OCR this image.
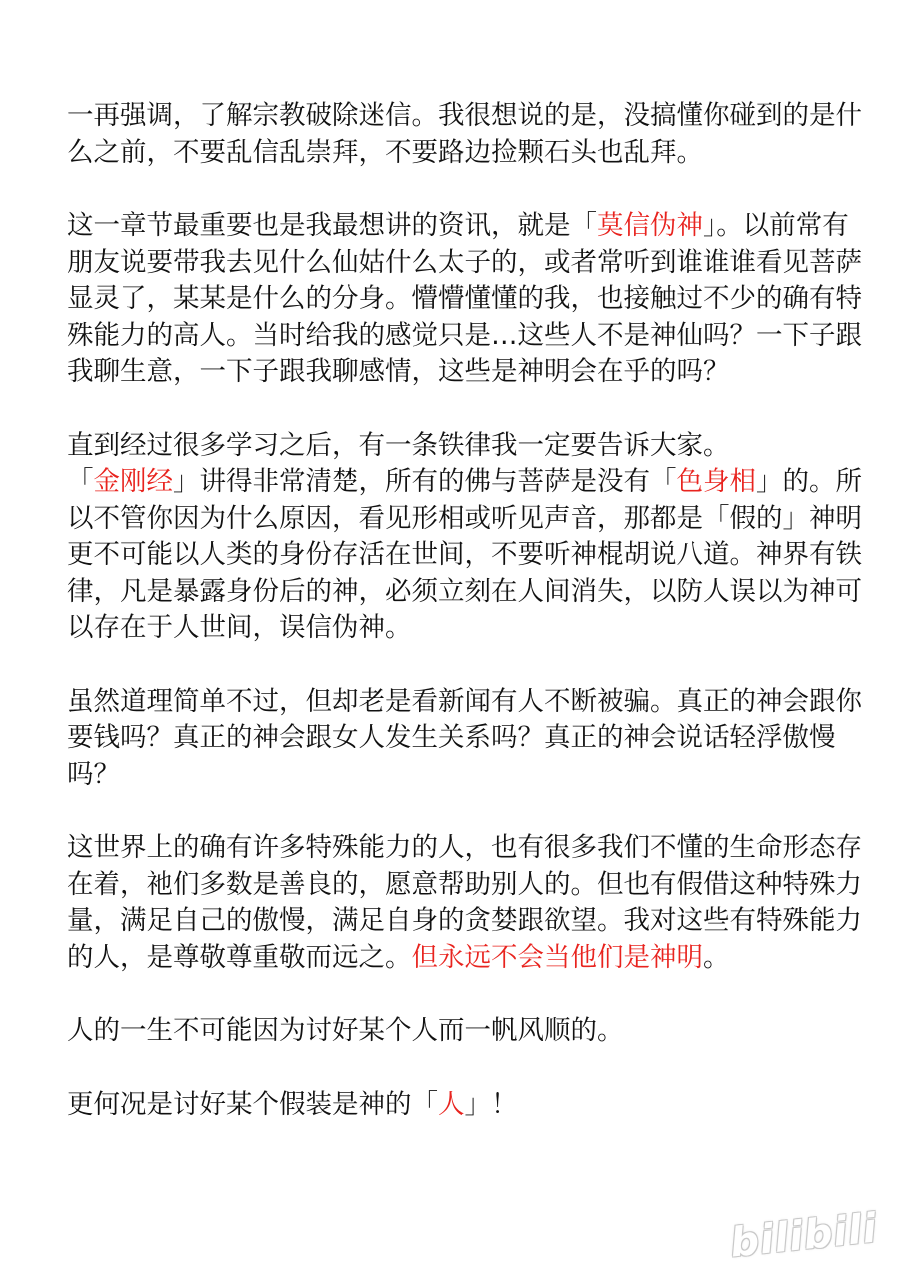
一再强调，了解宗教破除迷信。我很想说的是，没搞懂你碰到的是什么之前，不要乱信乱崇拜，不要路边捡颗石头也乱拜。

这一章节最重要也是我最想讲的资讯，就是「莫信伪神」。以前常有朋友说要带我去见什么仙姑什么太子的，或者常听到谁谁谁看见菩萨显灵了，某某是什么的分身。懵懵懂懂的我，也接触过不少的确有特殊能力的高人。当时给我的感觉只是…这些人不是神仙吗？一下子跟我聊生意，一下子跟我聊感情，这些是神明会在乎的吗？

直到经过很多学习之后，有一条铁律我一定要告诉大家。
「金刚经」讲得非常清楚，所有的佛与菩萨是没有「色身相」的。所以不管你因为什么原因，看见形相或听见声音，那都是「假的」神明更不可能以人类的身份存活在世间，不要听神棍胡说八道。神界有铁律，凡是暴露身份后的神，必须立刻在人间消失，以防人误以为神可以存在于人世间，误信伪神。

虽然道理简单不过，但却老是看新闻有人不断被骗。真正的神会跟你要钱吗？真正的神会跟女人发生关系吗？真正的神会说话轻浮傲慢吗？

这世界上的确有许多特殊能力的人，也有很多我们不懂的生命形态存在着，祂们多数是善良的，愿意帮助别人的。但也有假借这种特殊力量，满足自己的傲慢，满足自身的贪婪跟欲望。我对这些有特殊能力的人，是尊敬尊重敬而远之。但永远不会当他们是神明。

人的一生不可能因为讨好某个人而一帆风顺的。

更何况是讨好某个假装是神的「人」！

bilibili
